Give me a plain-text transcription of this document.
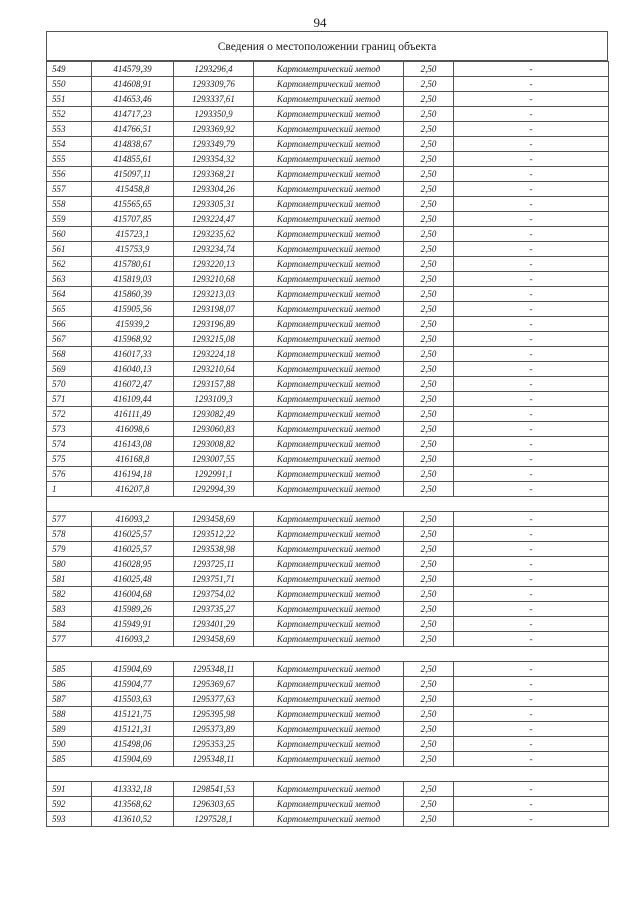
94
Сведения о местоположении границ объекта
549	414579,39	1293296,4	Картометрический метод	2,50	-
550	414608,91	1293309,76	Картометрический метод	2,50	-
551	414653,46	1293337,61	Картометрический метод	2,50	-
552	414717,23	1293350,9	Картометрический метод	2,50	-
553	414766,51	1293369,92	Картометрический метод	2,50	-
554	414838,67	1293349,79	Картометрический метод	2,50	-
555	414855,61	1293354,32	Картометрический метод	2,50	-
556	415097,11	1293368,21	Картометрический метод	2,50	-
557	415458,8	1293304,26	Картометрический метод	2,50	-
558	415565,65	1293305,31	Картометрический метод	2,50	-
559	415707,85	1293224,47	Картометрический метод	2,50	-
560	415723,1	1293235,62	Картометрический метод	2,50	-
561	415753,9	1293234,74	Картометрический метод	2,50	-
562	415780,61	1293220,13	Картометрический метод	2,50	-
563	415819,03	1293210,68	Картометрический метод	2,50	-
564	415860,39	1293213,03	Картометрический метод	2,50	-
565	415905,56	1293198,07	Картометрический метод	2,50	-
566	415939,2	1293196,89	Картометрический метод	2,50	-
567	415968,92	1293215,08	Картометрический метод	2,50	-
568	416017,33	1293224,18	Картометрический метод	2,50	-
569	416040,13	1293210,64	Картометрический метод	2,50	-
570	416072,47	1293157,88	Картометрический метод	2,50	-
571	416109,44	1293109,3	Картометрический метод	2,50	-
572	416111,49	1293082,49	Картометрический метод	2,50	-
573	416098,6	1293060,83	Картометрический метод	2,50	-
574	416143,08	1293008,82	Картометрический метод	2,50	-
575	416168,8	1293007,55	Картометрический метод	2,50	-
576	416194,18	1292991,1	Картометрический метод	2,50	-
1	416207,8	1292994,39	Картометрический метод	2,50	-

577	416093,2	1293458,69	Картометрический метод	2,50	-
578	416025,57	1293512,22	Картометрический метод	2,50	-
579	416025,57	1293538,98	Картометрический метод	2,50	-
580	416028,95	1293725,11	Картометрический метод	2,50	-
581	416025,48	1293751,71	Картометрический метод	2,50	-
582	416004,68	1293754,02	Картометрический метод	2,50	-
583	415989,26	1293735,27	Картометрический метод	2,50	-
584	415949,91	1293401,29	Картометрический метод	2,50	-
577	416093,2	1293458,69	Картометрический метод	2,50	-

585	415904,69	1295348,11	Картометрический метод	2,50	-
586	415904,77	1295369,67	Картометрический метод	2,50	-
587	415503,63	1295377,63	Картометрический метод	2,50	-
588	415121,75	1295395,98	Картометрический метод	2,50	-
589	415121,31	1295373,89	Картометрический метод	2,50	-
590	415498,06	1295353,25	Картометрический метод	2,50	-
585	415904,69	1295348,11	Картометрический метод	2,50	-

591	413332,18	1298541,53	Картометрический метод	2,50	-
592	413568,62	1296303,65	Картометрический метод	2,50	-
593	413610,52	1297528,1	Картометрический метод	2,50	-
